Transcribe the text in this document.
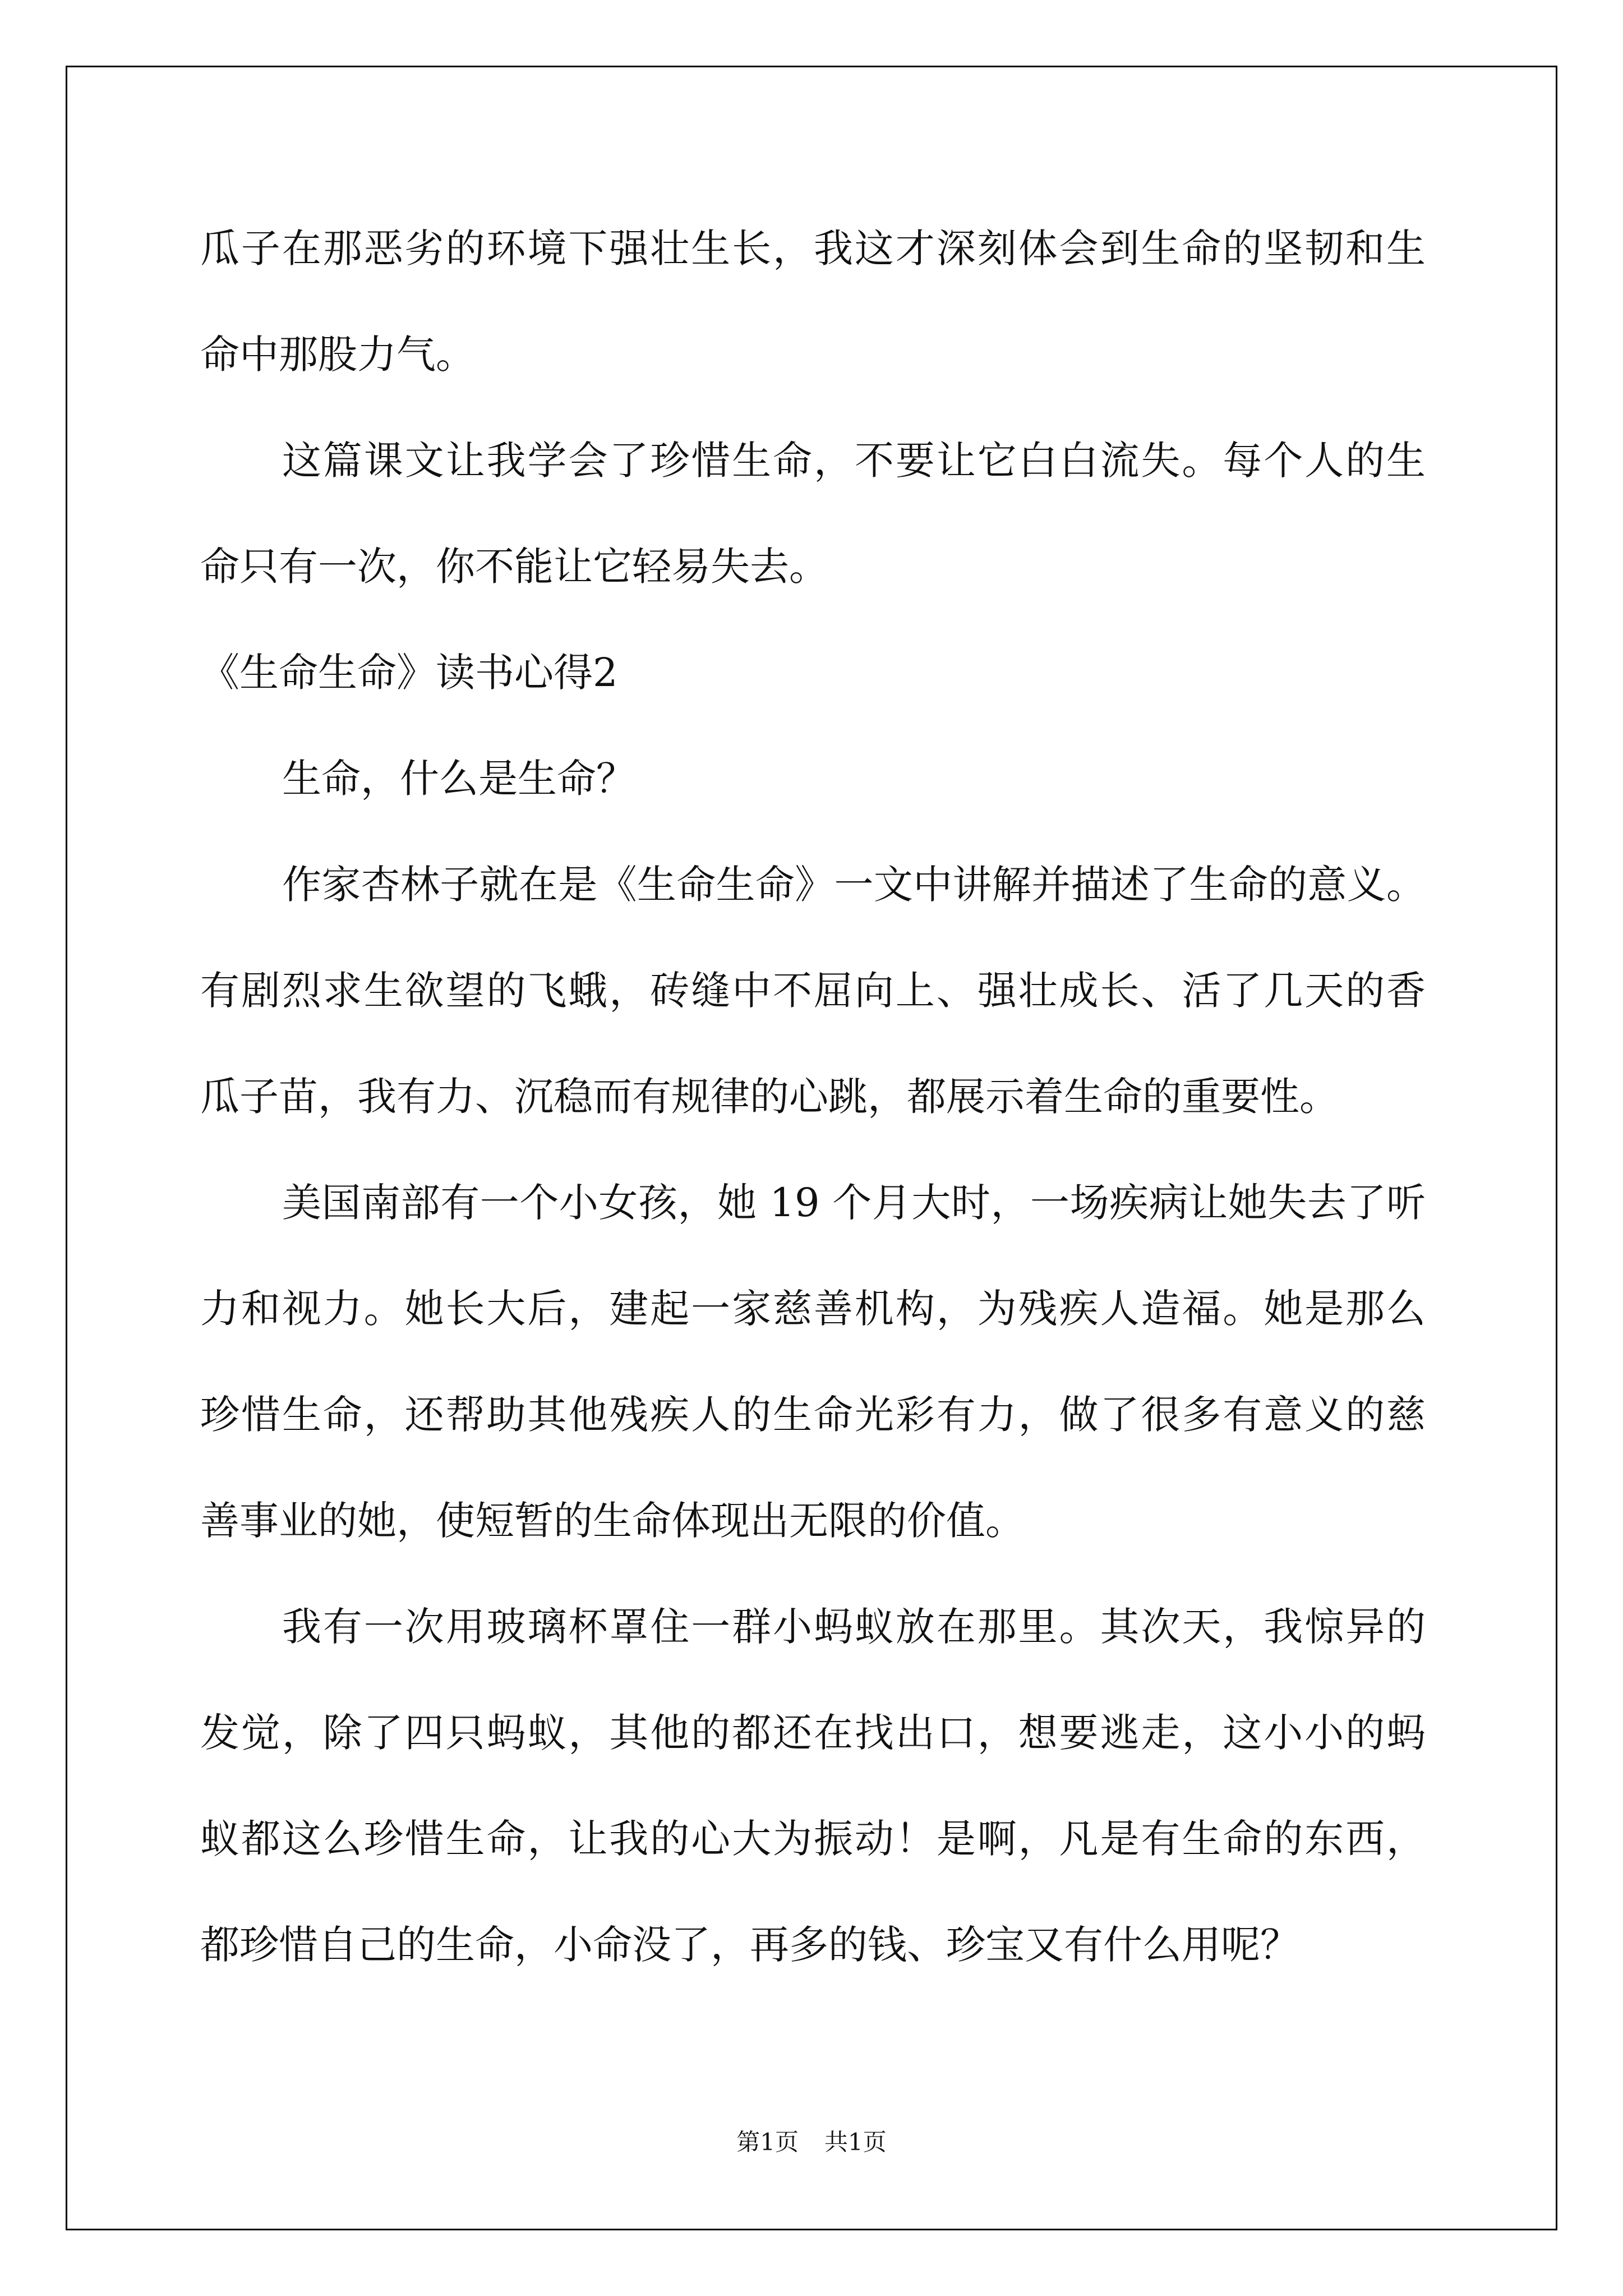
瓜子在那恶劣的环境下强壮生长，我这才深刻体会到生命的坚韧和生
命中那股力气。
这篇课文让我学会了珍惜生命，不要让它白白流失。每个人的生
命只有一次，你不能让它轻易失去。
《生命生命》读书心得2
生命，什么是生命？
作家杏林子就在是《生命生命》一文中讲解并描述了生命的意义。
有剧烈求生欲望的飞蛾，砖缝中不屈向上、强壮成长、活了几天的香
瓜子苗，我有力、沉稳而有规律的心跳，都展示着生命的重要性。
美国南部有一个小女孩，她 19 个月大时，一场疾病让她失去了听
力和视力。她长大后，建起一家慈善机构，为残疾人造福。她是那么
珍惜生命，还帮助其他残疾人的生命光彩有力，做了很多有意义的慈
善事业的她，使短暂的生命体现出无限的价值。
我有一次用玻璃杯罩住一群小蚂蚁放在那里。其次天，我惊异的
发觉，除了四只蚂蚁，其他的都还在找出口，想要逃走，这小小的蚂
蚁都这么珍惜生命，让我的心大为振动！是啊，凡是有生命的东西，
都珍惜自己的生命，小命没了，再多的钱、珍宝又有什么用呢？
第1页 共1页
